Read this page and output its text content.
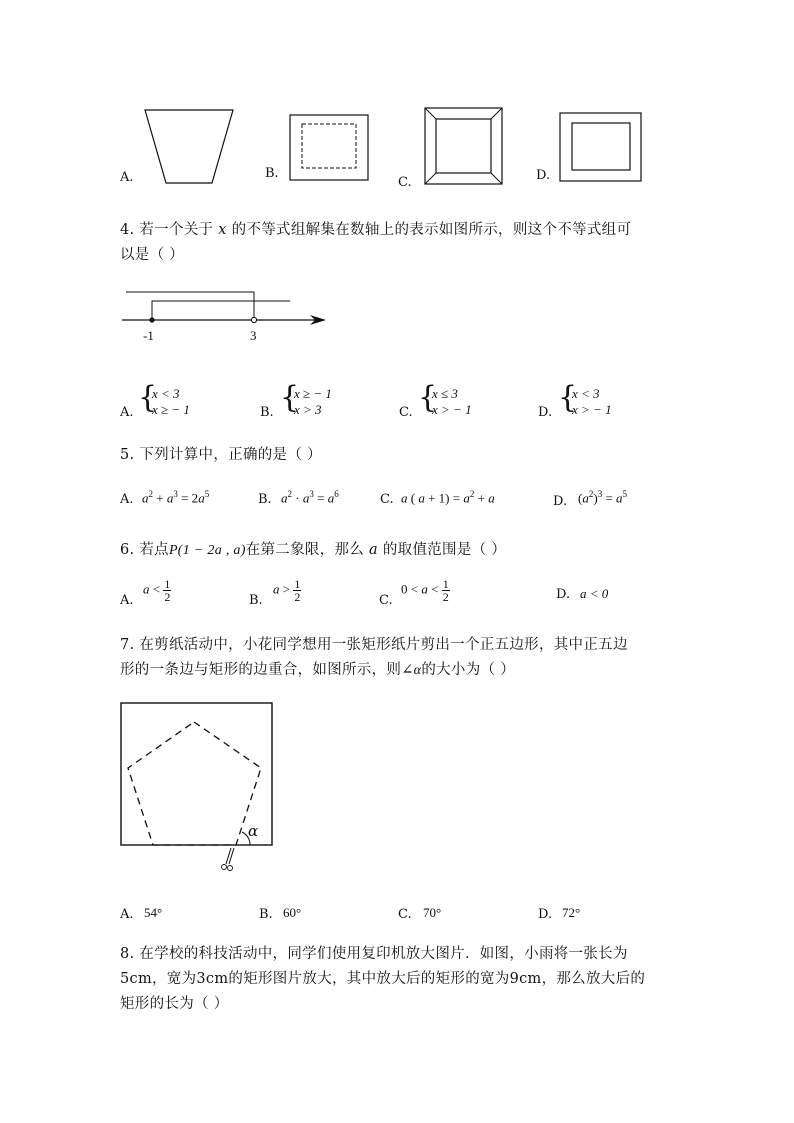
A.	B.
C.	D.
4. 若一个关于 x 的不等式组解集在数轴上的表示如图所示，则这个不等式组可
以是（ ）
-1	3
A. {
x < 3
x ≥ − 1	B. {
x ≥ − 1
x > 3	C. {
x ≤ 3
x > − 1	D. {
x < 3
x > − 1
5. 下列计算中，正确的是（ ）
A. $a^2 + a^3 = 2a^5$	B. $a^2 \cdot a^3 = a^6$	C. a ( $a + 1) = a^2 + a$	D. $(a^2)^3 = a^5$
6. 若点P(1 − 2a , a)在第二象限，那么 a 的取值范围是（ ）
A.
$a < \frac{1}{2}$	B.
$a > \frac{1}{2}$	C.
$0 < a < \frac{1}{2}$	D. a < 0
7. 在剪纸活动中，小花同学想用一张矩形纸片剪出一个正五边形，其中正五边
形的一条边与矩形的边重合，如图所示，则∠α的大小为（ ）
α
A. 54°	B. 60°	C. 70°	D. 72°
8. 在学校的科技活动中，同学们使用复印机放大图片．如图，小雨将一张长为
5cm，宽为3cm的矩形图片放大，其中放大后的矩形的宽为9cm，那么放大后的
矩形的长为（ ）
